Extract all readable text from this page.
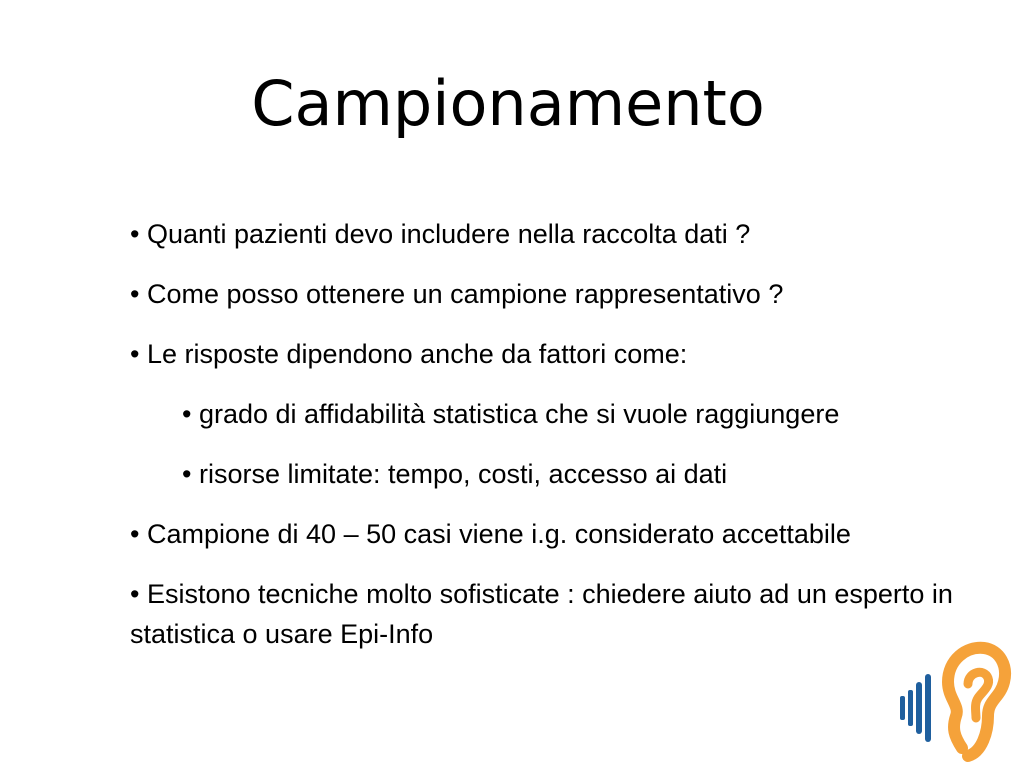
Campionamento
• Quanti pazienti devo includere nella raccolta dati ?
• Come posso ottenere un campione rappresentativo ?
• Le risposte dipendono anche da fattori come:
• grado di affidabilità statistica che si vuole raggiungere
• risorse limitate: tempo, costi, accesso ai dati
• Campione di 40 – 50 casi viene i.g. considerato accettabile
• Esistono tecniche molto sofisticate : chiedere aiuto ad un esperto in statistica o usare Epi-Info
